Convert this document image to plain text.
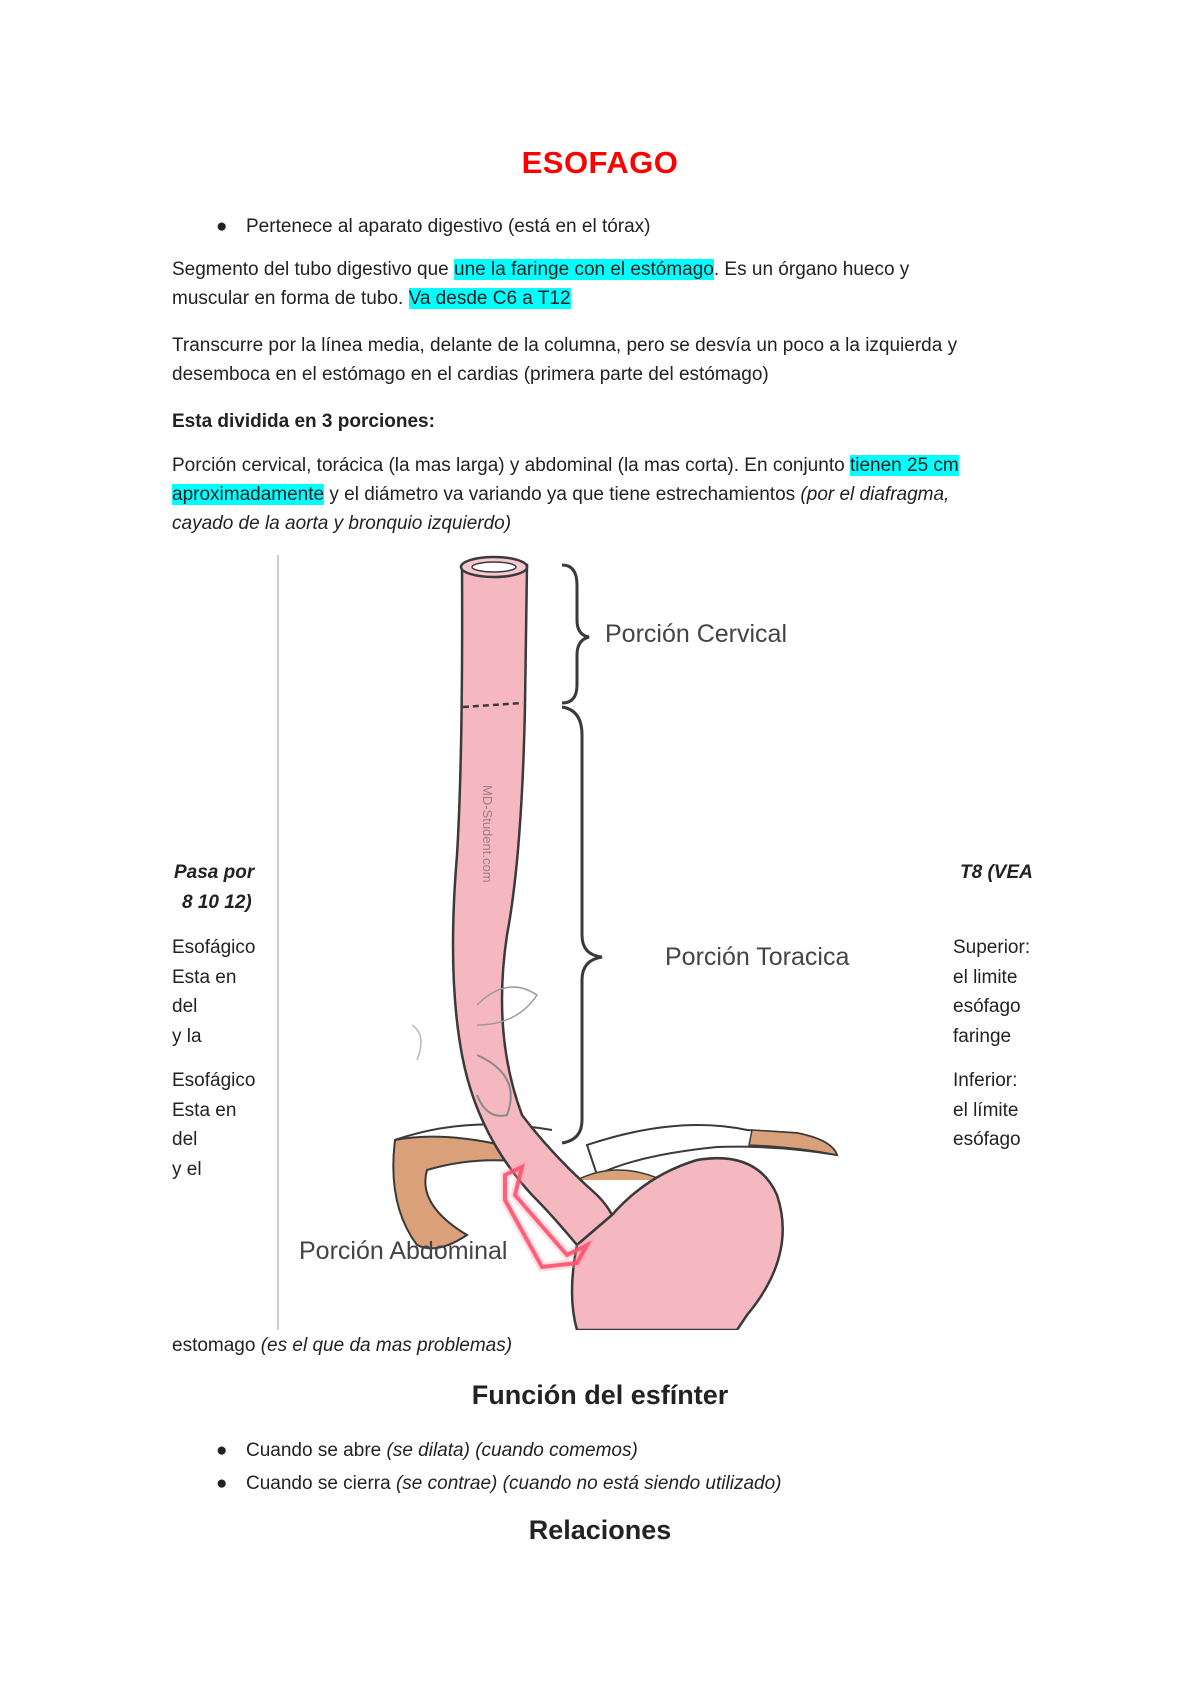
ESOFAGO
● Pertenece al aparato digestivo (está en el tórax)
Segmento del tubo digestivo que une la faringe con el estómago. Es un órgano hueco y
muscular en forma de tubo. Va desde C6 a T12
Transcurre por la línea media, delante de la columna, pero se desvía un poco a la izquierda y
desemboca en el estómago en el cardias (primera parte del estómago)
Esta dividida en 3 porciones:
Porción cervical, torácica (la mas larga) y abdominal (la mas corta). En conjunto tienen 25 cm
aproximadamente y el diámetro va variando ya que tiene estrechamientos (por el diafragma,
cayado de la aorta y bronquio izquierdo)
MD-Student.com
Porción Cervical
Porción Toracica
Porción Abdominal
Pasa por
8 10 12)
Esofágico
Esta en
del
y la
Esofágico
Esta en
del
y el
T8 (VEA
Superior:
el limite
esófago
faringe
Inferior:
el límite
esófago
estomago (es el que da mas problemas)
Función del esfínter
● Cuando se abre (se dilata) (cuando comemos)
● Cuando se cierra (se contrae) (cuando no está siendo utilizado)
Relaciones
